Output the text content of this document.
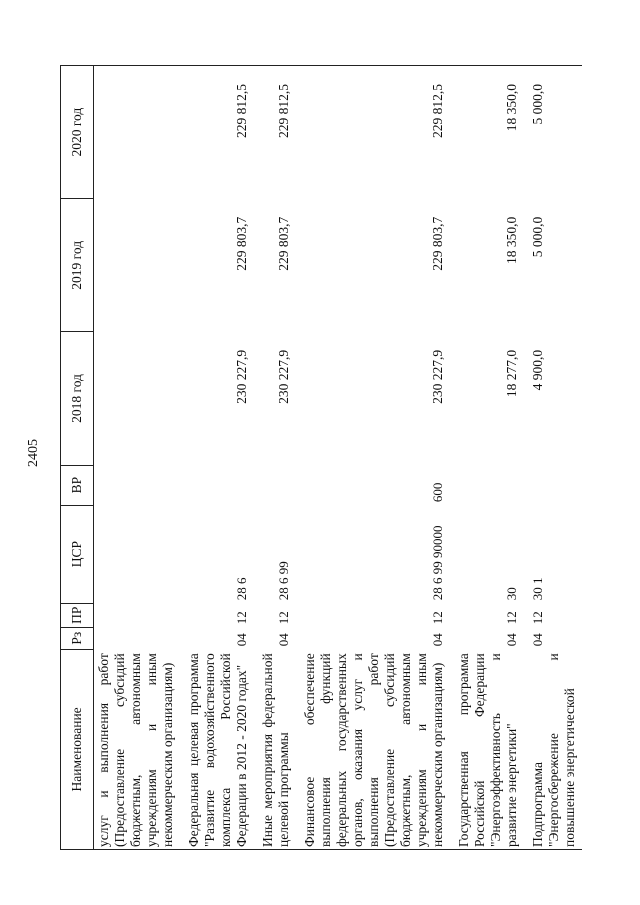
2405
Наименование	Рз	ПР	ЦСР	ВР	2018 год	2019 год	2020 год
услуг и выполнения работ (Предоставление субсидий бюджетным, автономным учреждениям и иным некоммерческим организациям)							
Федеральная целевая программа "Развитие водохозяйственного комплекса Российской Федерации в 2012 - 2020 годах"	04	12	28 6		230 227,9	229 803,7	229 812,5
Иные мероприятия федеральной целевой программы	04	12	28 6 99		230 227,9	229 803,7	229 812,5
Финансовое обеспечение выполнения функций федеральных государственных органов, оказания услуг и выполнения работ (Предоставление субсидий бюджетным, автономным учреждениям и иным некоммерческим организациям)	04	12	28 6 99 90000	600	230 227,9	229 803,7	229 812,5
Государственная программа Российской Федерации "Энергоэффективность и развитие энергетики"	04	12	30		18 277,0	18 350,0	18 350,0
Подпрограмма "Энергосбережение и повышение энергетической	04	12	30 1		4 900,0	5 000,0	5 000,0
